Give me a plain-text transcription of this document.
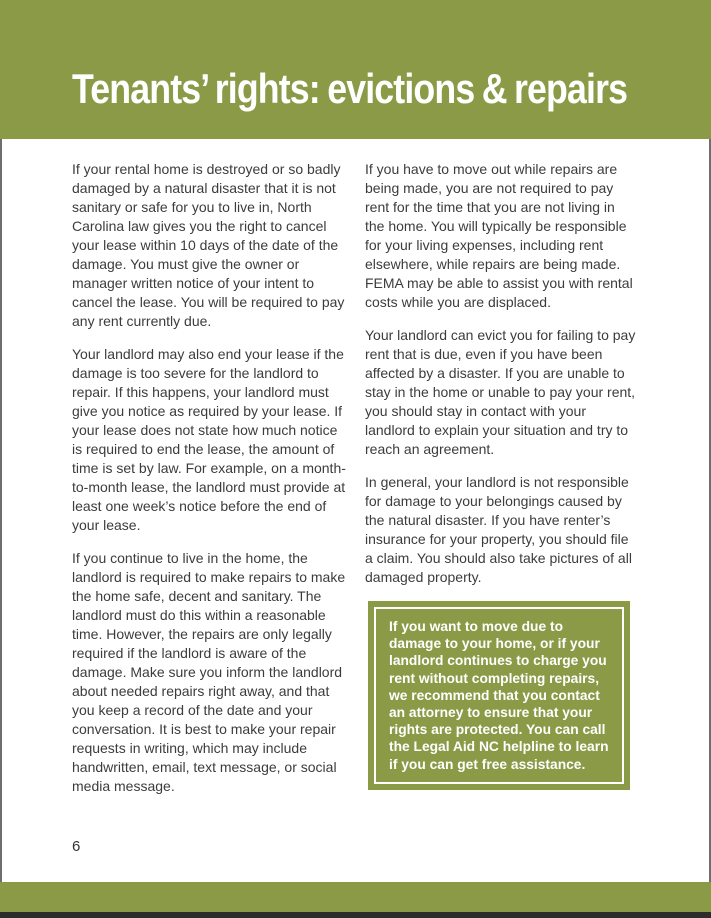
Tenants’ rights: evictions & repairs

If your rental home is destroyed or so badly damaged by a natural disaster that it is not sanitary or safe for you to live in, North Carolina law gives you the right to cancel your lease within 10 days of the date of the damage. You must give the owner or manager written notice of your intent to cancel the lease. You will be required to pay any rent currently due.

Your landlord may also end your lease if the damage is too severe for the landlord to repair. If this happens, your landlord must give you notice as required by your lease. If your lease does not state how much notice is required to end the lease, the amount of time is set by law. For example, on a month-to-month lease, the landlord must provide at least one week’s notice before the end of your lease.

If you continue to live in the home, the landlord is required to make repairs to make the home safe, decent and sanitary. The landlord must do this within a reasonable time. However, the repairs are only legally required if the landlord is aware of the damage. Make sure you inform the landlord about needed repairs right away, and that you keep a record of the date and your conversation. It is best to make your repair requests in writing, which may include handwritten, email, text message, or social media message.

If you have to move out while repairs are being made, you are not required to pay rent for the time that you are not living in the home. You will typically be responsible for your living expenses, including rent elsewhere, while repairs are being made. FEMA may be able to assist you with rental costs while you are displaced.

Your landlord can evict you for failing to pay rent that is due, even if you have been affected by a disaster. If you are unable to stay in the home or unable to pay your rent, you should stay in contact with your landlord to explain your situation and try to reach an agreement.

In general, your landlord is not responsible for damage to your belongings caused by the natural disaster. If you have renter’s insurance for your property, you should file a claim. You should also take pictures of all damaged property.

If you want to move due to damage to your home, or if your landlord continues to charge you rent without completing repairs, we recommend that you contact an attorney to ensure that your rights are protected. You can call the Legal Aid NC helpline to learn if you can get free assistance.

6
